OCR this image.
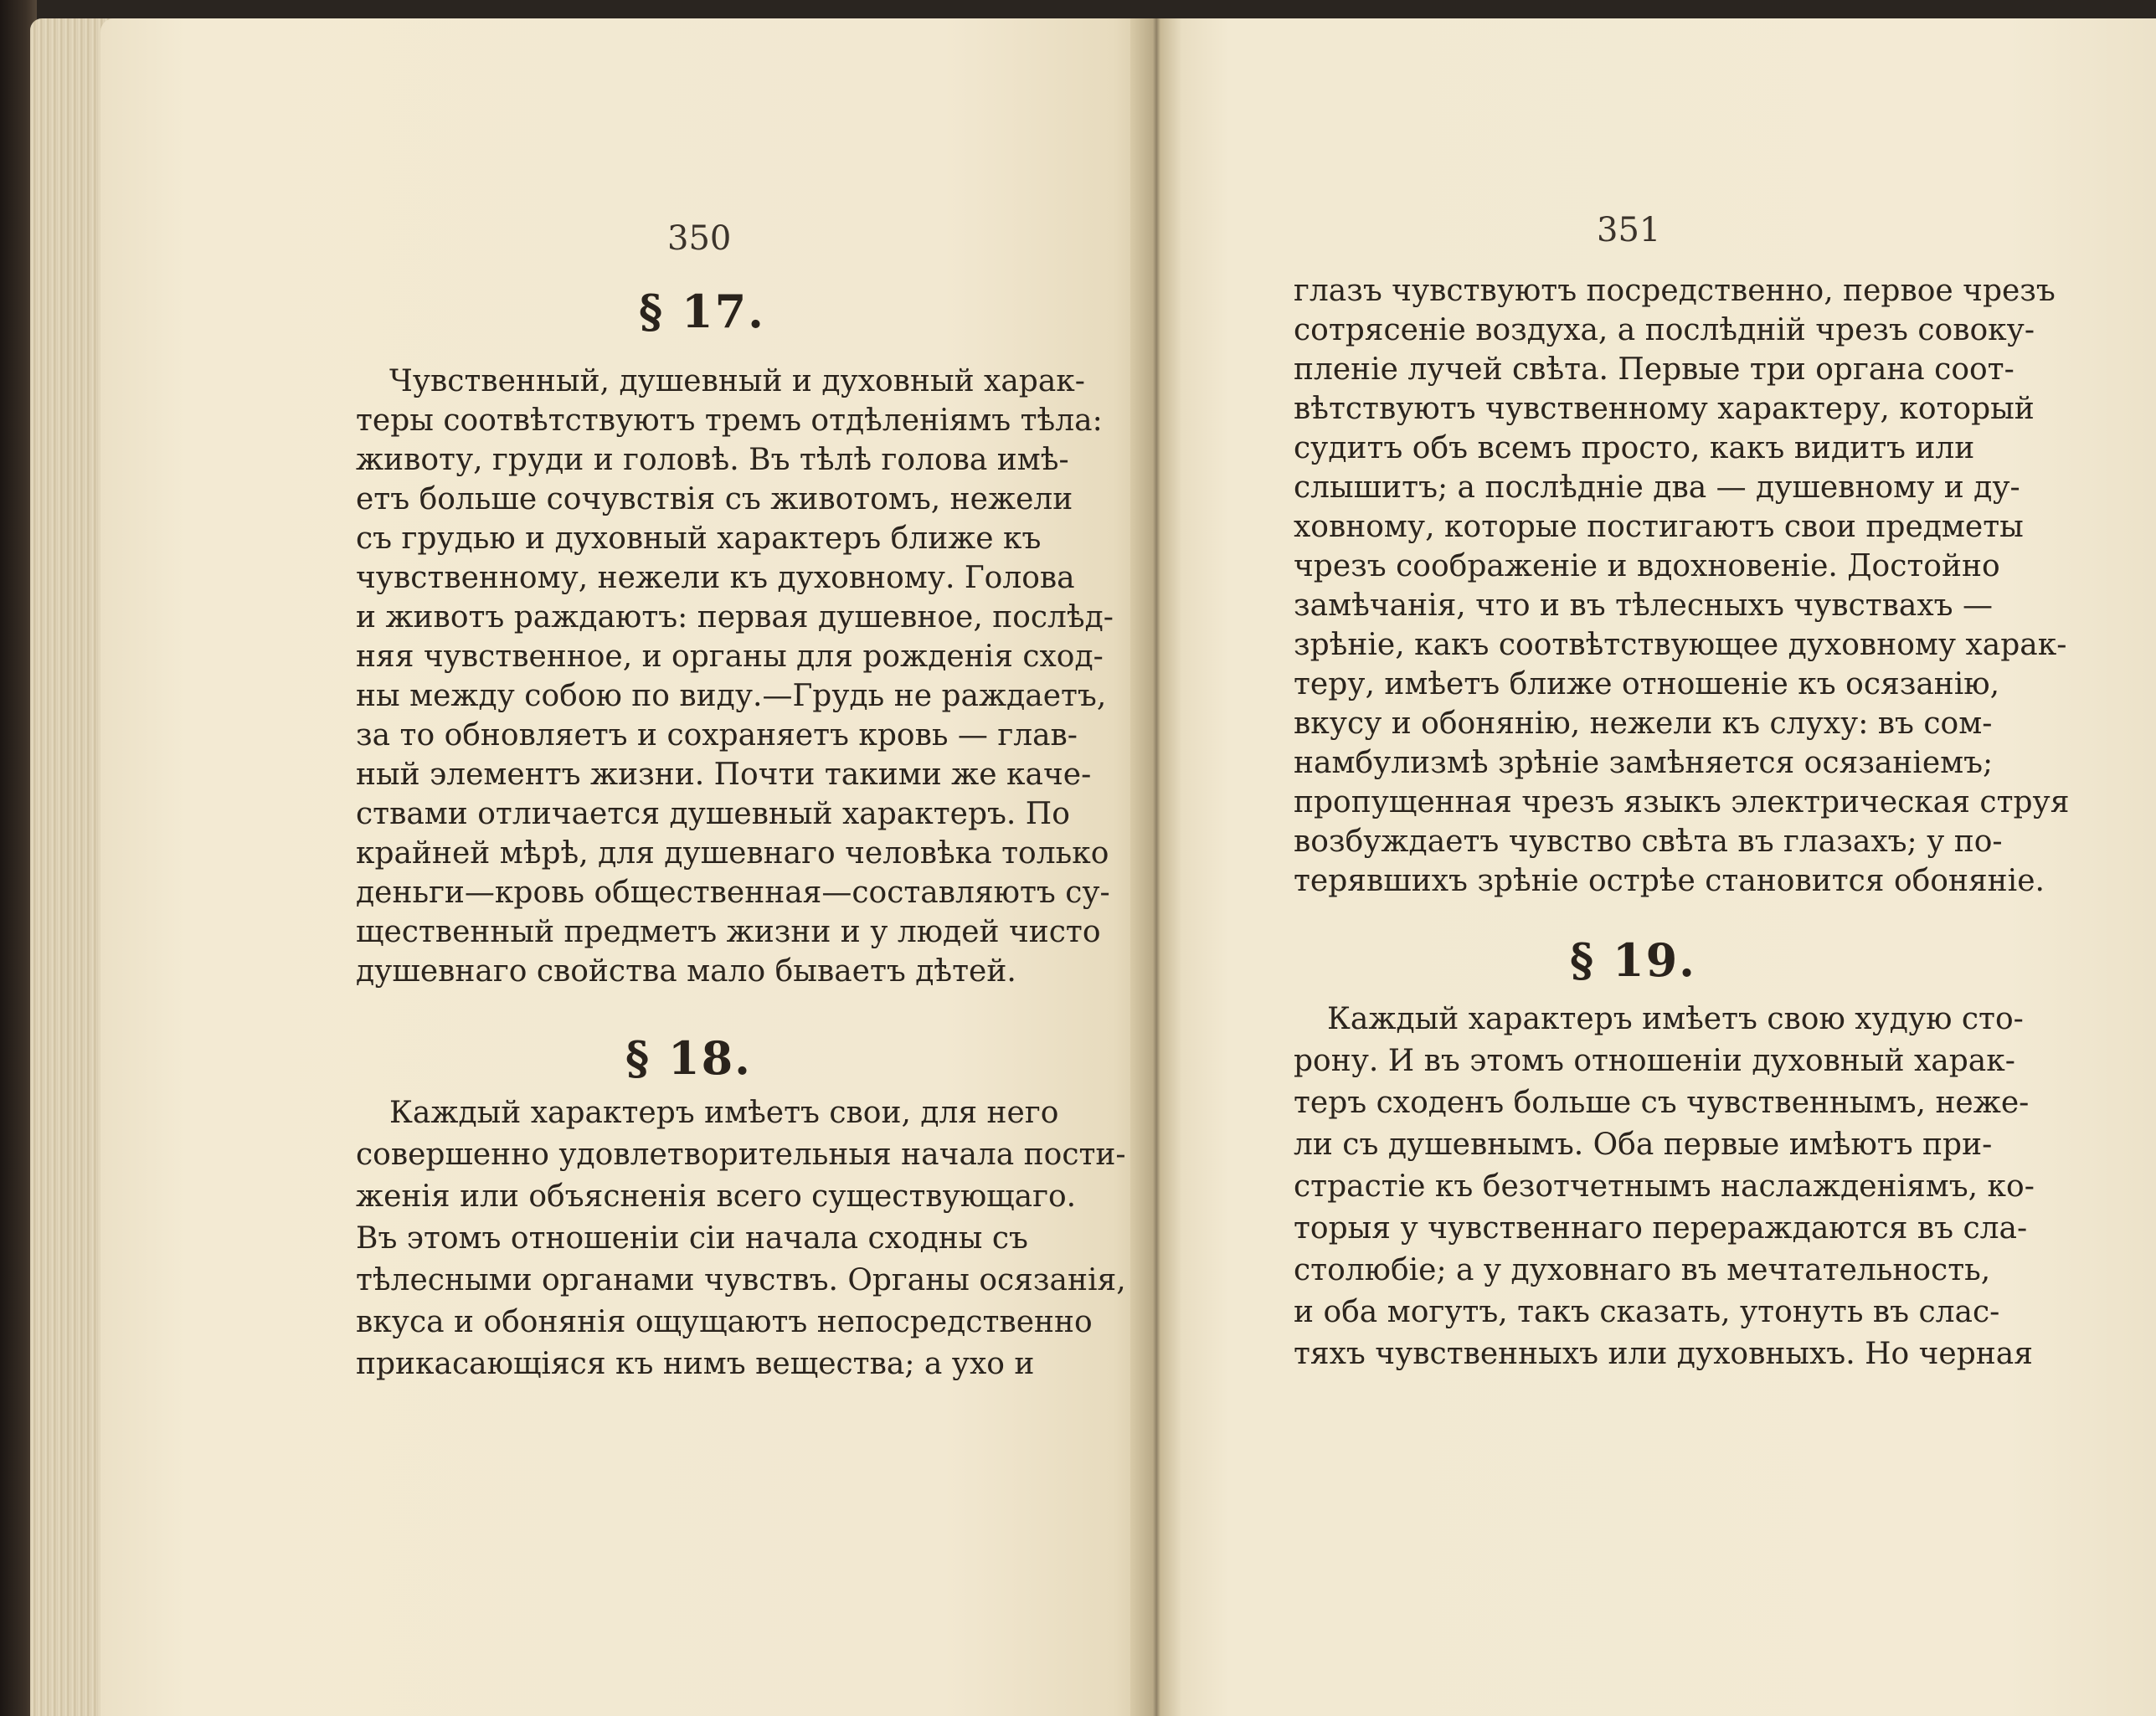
350
§ 17.
Чувственный, душевный и духовный харак-
теры соотвѣтствуютъ тремъ отдѣленіямъ тѣла:
животу, груди и головѣ. Въ тѣлѣ голова имѣ-
етъ больше сочувствія съ животомъ, нежели
съ грудью и духовный характеръ ближе къ
чувственному, нежели къ духовному. Голова
и животъ раждаютъ: первая душевное, послѣд-
няя чувственное, и органы для рожденія сход-
ны между собою по виду.—Грудь не раждаетъ,
за то обновляетъ и сохраняетъ кровь — глав-
ный элементъ жизни. Почти такими же каче-
ствами отличается душевный характеръ. По
крайней мѣрѣ, для душевнаго человѣка только
деньги—кровь общественная—составляютъ су-
щественный предметъ жизни и у людей чисто
душевнаго свойства мало бываетъ дѣтей.
§ 18.
Каждый характеръ имѣетъ свои, для него
совершенно удовлетворительныя начала пости-
женія или объясненія всего существующаго.
Въ этомъ отношеніи сіи начала сходны съ
тѣлесными органами чувствъ. Органы осязанія,
вкуса и обонянія ощущаютъ непосредственно
прикасающіяся къ нимъ вещества; а ухо и
351
глазъ чувствуютъ посредственно, первое чрезъ
сотрясеніе воздуха, а послѣдній чрезъ совоку-
пленіе лучей свѣта. Первые три органа соот-
вѣтствуютъ чувственному характеру, который
судитъ объ всемъ просто, какъ видитъ или
слышитъ; а послѣдніе два — душевному и ду-
ховному, которые постигаютъ свои предметы
чрезъ соображеніе и вдохновеніе. Достойно
замѣчанія, что и въ тѣлесныхъ чувствахъ —
зрѣніе, какъ соотвѣтствующее духовному харак-
теру, имѣетъ ближе отношеніе къ осязанію,
вкусу и обонянію, нежели къ слуху: въ сом-
намбулизмѣ зрѣніе замѣняется осязаніемъ;
пропущенная чрезъ языкъ электрическая струя
возбуждаетъ чувство свѣта въ глазахъ; у по-
терявшихъ зрѣніе острѣе становится обоняніе.
§ 19.
Каждый характеръ имѣетъ свою худую сто-
рону. И въ этомъ отношеніи духовный харак-
теръ сходенъ больше съ чувственнымъ, неже-
ли съ душевнымъ. Оба первые имѣютъ при-
страстіе къ безотчетнымъ наслажденіямъ, ко-
торыя у чувственнаго перераждаются въ сла-
столюбіе; а у духовнаго въ мечтательность,
и оба могутъ, такъ сказать, утонуть въ слас-
тяхъ чувственныхъ или духовныхъ. Но черная
